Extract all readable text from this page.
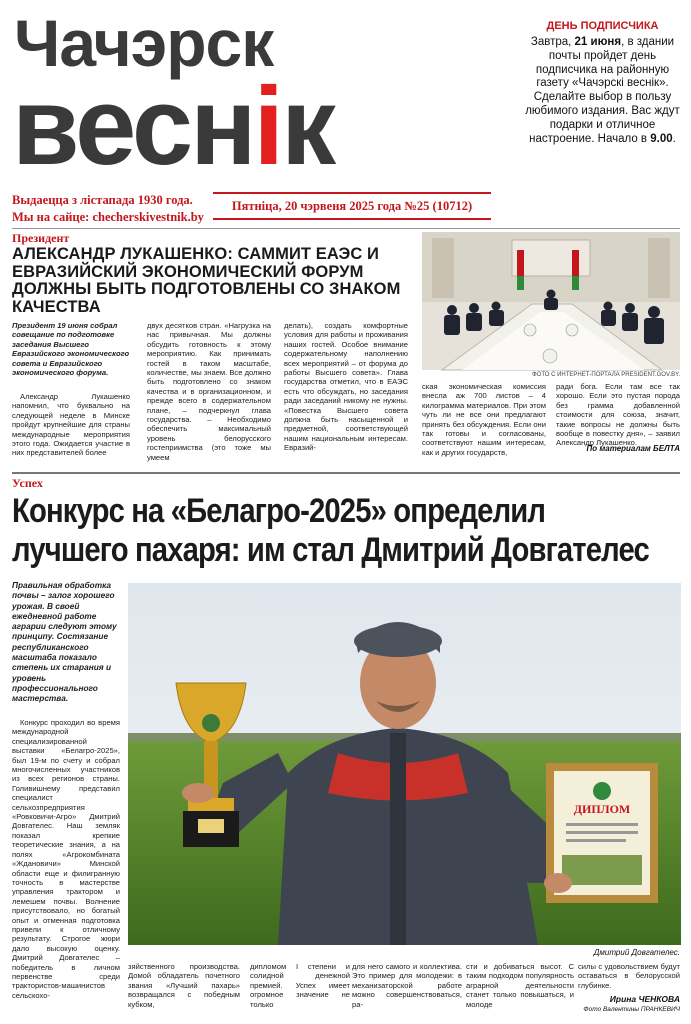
Чачэрск
веснік
Выдаецца з лістапада 1930 года.
Мы на сайце: checherskivestnik.by
Пятніца, 20 чэрвеня 2025 года №25 (10712)
ДЕНЬ ПОДПИСЧИКА
Завтра, 21 июня, в здании почты пройдет день подписчика на районную газету «Чачэрскі веснік». Сделайте выбор в пользу любимого издания. Вас ждут подарки и отличное настроение. Начало в 9.00.
Президент
АЛЕКСАНДР ЛУКАШЕНКО: САММИТ ЕАЭС И ЕВРАЗИЙСКИЙ ЭКОНОМИЧЕСКИЙ ФОРУМ ДОЛЖНЫ БЫТЬ ПОДГОТОВЛЕНЫ СО ЗНАКОМ КАЧЕСТВА
ФОТО С ИНТЕРНЕТ-ПОРТАЛА PRESIDENT.GOV.BY.
Президент 19 июня собрал совещание по подготовке заседания Высшего Евразийского экономического совета и Евразийского экономического форума.
Александр Лукашенко напомнил, что буквально на следующей неделе в Минске пройдут крупнейшие для страны международные мероприятия этого года. Ожидается участие в них представителей более
двух десятков стран. «Нагрузка на нас привычная. Мы должны обсудить готовность к этому мероприятию. Как принимать гостей в таком масштабе, количестве, мы знаем. Все должно быть подготовлено со знаком качества и в организационном, и прежде всего в содержательном плане, – подчеркнул глава государства. – Необходимо обеспечить максимальный уровень белорусского гостеприимства (это тоже мы умеем
делать), создать комфортные условия для работы и проживания наших гостей. Особое внимание содержательному наполнению всех мероприятий – от форума до работы Высшего совета». Глава государства отметил, что в ЕАЭС есть что обсуждать, но заседания ради заседаний никому не нужны. «Повестка Высшего совета должна быть насыщенной и предметной, соответствующей нашим национальным интересам. Евразий-
ская экономическая комиссия внесла аж 700 листов – 4 килограмма материалов. При этом чуть ли не все они предлагают принять без обсуждения. Если они так готовы и согласованы, соответствуют нашим интересам, как и других государств,
ради бога. Если там все так хорошо. Если это пустая порода без грамма добавленной стоимости для союза, значит, такие вопросы не должны быть вообще в повестку дня», – заявил Александр Лукашенко.
По материалам БЕЛТА
Успех
Конкурс на «Белагро-2025» определил
лучшего пахаря: им стал Дмитрий Довгателес
ДИПЛОМ
Дмитрий Довгателес.
Правильная обработка почвы – залог хорошего урожая. В своей ежедневной работе аграрии следуют этому принципу. Состязание республиканского масштаба показало степень их старания и уровень профессионального мастерства.
Конкурс проходил во время международной специализированной выставки «Белагро-2025», был 19-м по счету и собрал многочисленных участников из всех регионов страны. Голивишнему представил специалист сельхозпредприятия «Ровковичи-Агро» Дмитрий Довгателес. Наш земляк показал крепкие теоретические знания, а на полях «Агрокомбината «Ждановичи» Минской области еще и филигранную точность в мастерстве управления трактором и лемешем почвы. Волнение присутствовало, но богатый опыт и отменная подготовка привели к отличному результату. Строгое жюри дало высокую оценку. Дмитрий Довгателес – победитель в личном первенстве среди трактористов-машинистов сельскохо-
зяйственного производства. Домой обладатель почетного звания «Лучший пахарь» возвращался с победным кубком,
дипломом I степени и солидной денежной премией. Успех имеет огромное значение не только
для него самого и коллектива. Это пример для молодежи: в механизаторской работе можно совершенствоваться, ра-
сти и добиваться высот. С таким подходом популярность аграрной деятельности станет только повышаться, и молоде
силы с удовольствием будут оставаться в белорусской глубинке.
Ирина ЧЕНКОВА
Фото Валентины ПРАНКЕВИЧ
